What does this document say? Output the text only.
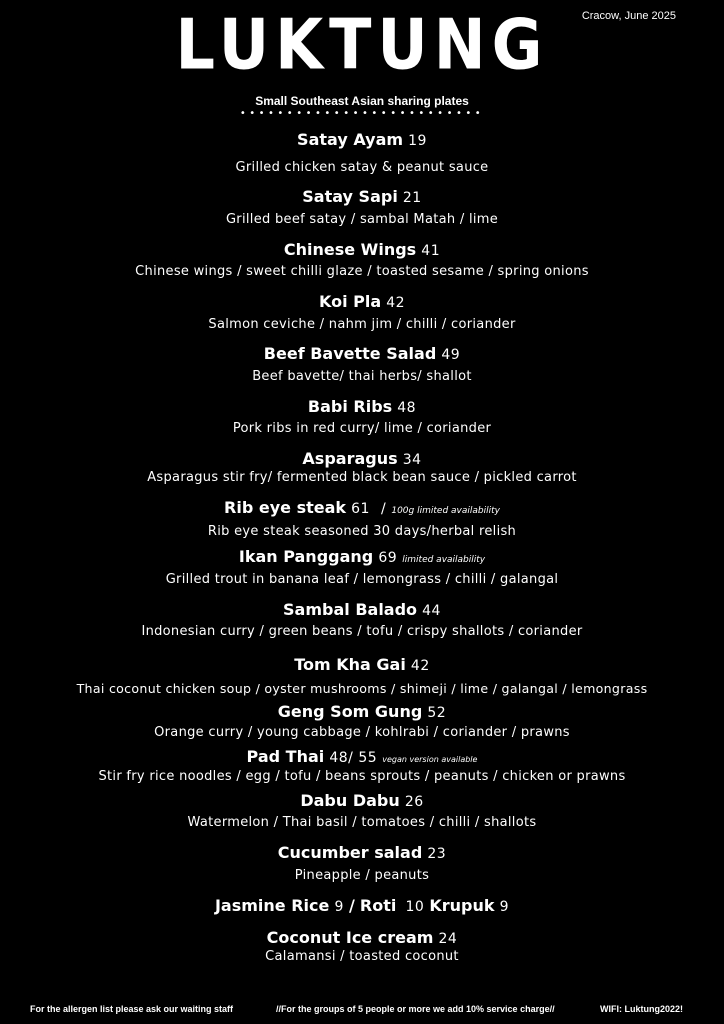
Cracow, June 2025
LUKTUNG
Small Southeast Asian sharing plates
••••••••••••••••••••••••••
Satay Ayam 19
Grilled chicken satay & peanut sauce
Satay Sapi 21
Grilled beef satay / sambal Matah / lime
Chinese Wings 41
Chinese wings / sweet chilli glaze / toasted sesame / spring onions
Koi Pla 42
Salmon ceviche / nahm jim / chilli / coriander
Beef Bavette Salad 49
Beef bavette/ thai herbs/ shallot
Babi Ribs 48
Pork ribs in red curry/ lime / coriander
Asparagus 34
Asparagus stir fry/ fermented black bean sauce / pickled carrot
Rib eye steak 61 / 100g limited availability
Rib eye steak seasoned 30 days/herbal relish
Ikan Panggang 69 limited availability
Grilled trout in banana leaf / lemongrass / chilli / galangal
Sambal Balado 44
Indonesian curry / green beans / tofu / crispy shallots / coriander
Tom Kha Gai 42
Thai coconut chicken soup / oyster mushrooms / shimeji / lime / galangal / lemongrass
Geng Som Gung 52
Orange curry / young cabbage / kohlrabi / coriander / prawns
Pad Thai 48/ 55 vegan version available
Stir fry rice noodles / egg / tofu / beans sprouts / peanuts / chicken or prawns
Dabu Dabu 26
Watermelon / Thai basil / tomatoes / chilli / shallots
Cucumber salad 23
Pineapple / peanuts
Jasmine Rice 9 / Roti 10 Krupuk 9
Coconut Ice cream 24
Calamansi / toasted coconut
For the allergen list please ask our waiting staff	//For the groups of 5 people or more we add 10% service charge//	WIFI: Luktung2022!
